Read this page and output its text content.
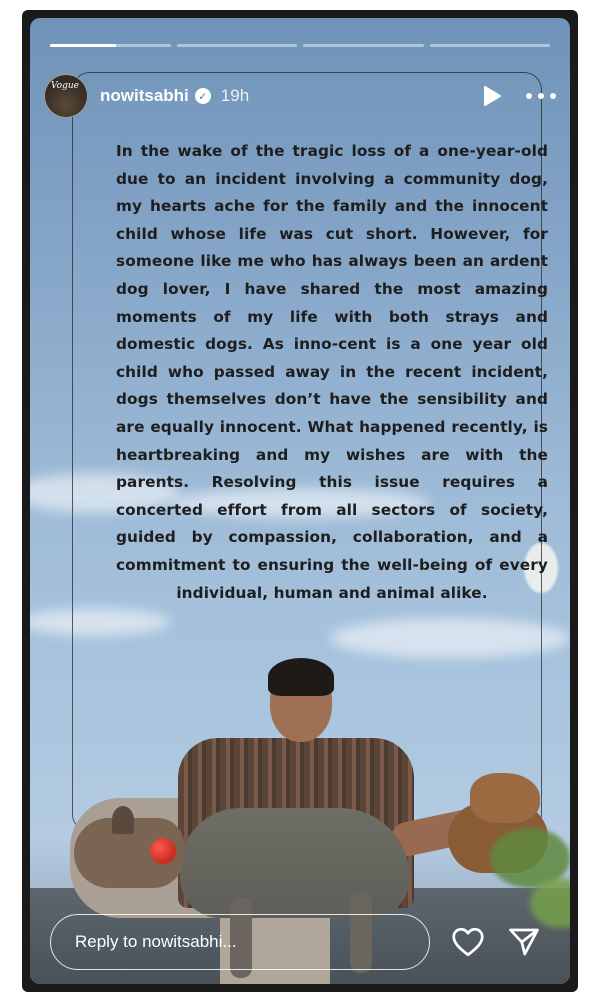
In the wake of the tragic loss of a one-year-old due to an incident involving a community dog, my hearts ache for the family and the innocent child whose life was cut short. However, for someone like me who has always been an ardent dog lover, I have shared the most amazing moments of my life with both strays and domestic dogs. As inno-cent is a one year old child who passed away in the recent incident, dogs themselves don’t have the sensibility and are equally innocent. What happened recently, is heartbreaking and my wishes are with the parents. Resolving this issue requires a concerted effort from all sectors of society, guided by compassion, collaboration, and a commitment to ensuring the well-being of every individual, human and animal alike.
Vogue nowitsabhi ✓ 19h
Reply to nowitsabhi...
